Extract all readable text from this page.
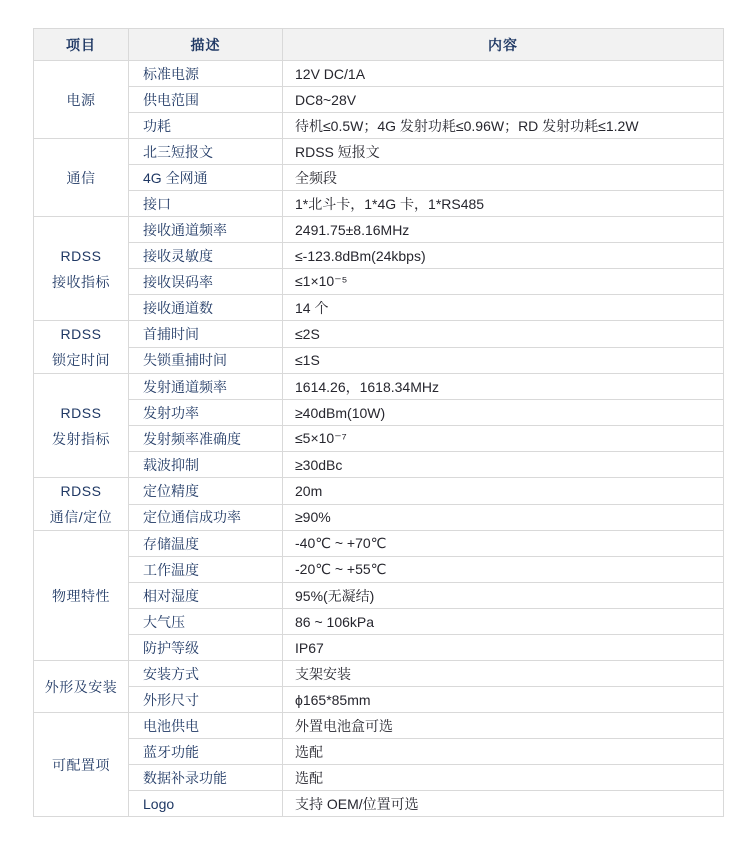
项目	描述	内容

电源	标准电源	12V DC/1A
	供电范围	DC8~28V
	功耗	待机≤0.5W；4G 发射功耗≤0.96W；RD 发射功耗≤1.2W

通信	北三短报文	RDSS 短报文
	4G 全网通	全频段
	接口	1*北斗卡，1*4G 卡，1*RS485

RDSS
接收指标	接收通道频率	2491.75±8.16MHz
	接收灵敏度	≤-123.8dBm(24kbps)
	接收误码率	≤1×10⁻⁵
	接收通道数	14 个

RDSS
锁定时间	首捕时间	≤2S
	失锁重捕时间	≤1S

RDSS
发射指标	发射通道频率	1614.26，1618.34MHz
	发射功率	≥40dBm(10W)
	发射频率准确度	≤5×10⁻⁷
	载波抑制	≥30dBc

RDSS
通信/定位	定位精度	20m
	定位通信成功率	≥90%

物理特性	存储温度	-40℃ ~ +70℃
	工作温度	-20℃ ~ +55℃
	相对湿度	95%(无凝结)
	大气压	86 ~ 106kPa
	防护等级	IP67

外形及安装	安装方式	支架安装
	外形尺寸	ϕ165*85mm

可配置项	电池供电	外置电池盒可选
	蓝牙功能	选配
	数据补录功能	选配
	Logo	支持 OEM/位置可选
